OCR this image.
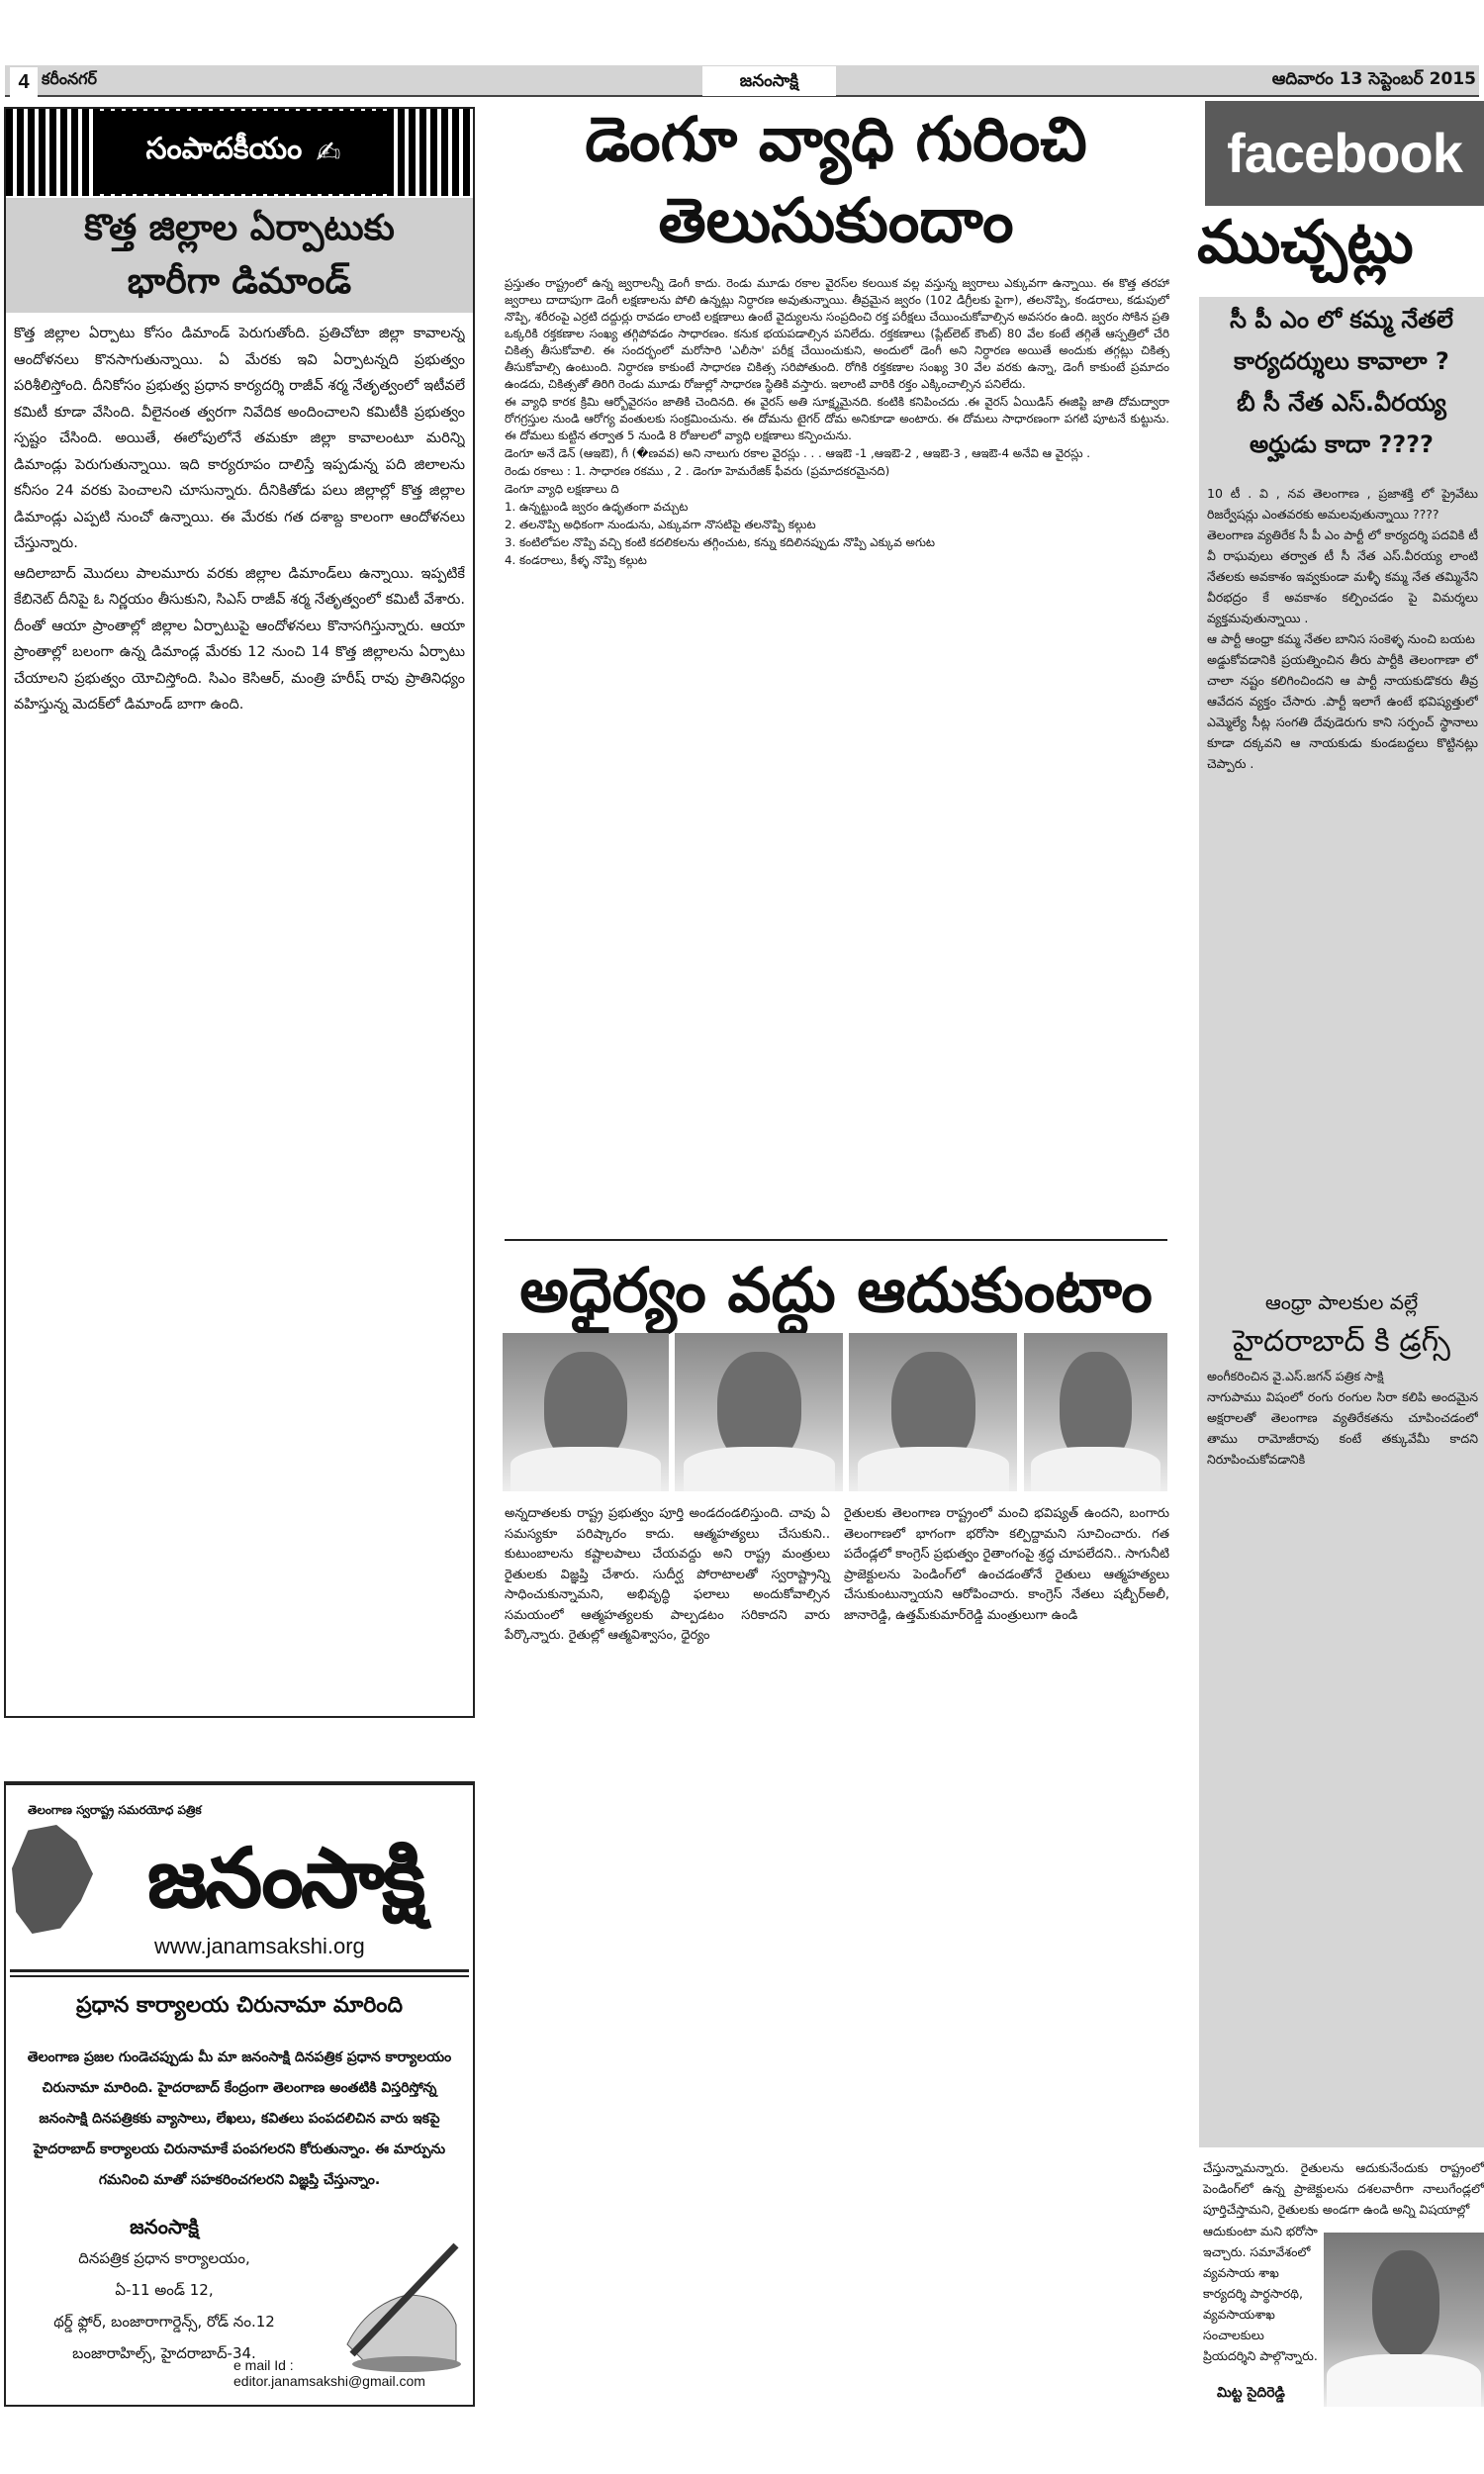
4 కరీంనగర్	జనంసాక్షి	ఆదివారం 13 సెప్టెంబర్ 2015
సంపాదకీయం ✍
కొత్త జిల్లాల ఏర్పాటుకు
భారీగా డిమాండ్

కొత్త జిల్లాల ఏర్పాటు కోసం డిమాండ్ పెరుగుతోంది. ప్రతిచోటా జిల్లా కావాలన్న ఆందోళనలు కొనసాగుతున్నాయి. ఏ మేరకు ఇవి ఏర్పాటన్నది ప్రభుత్వం పరిశీలిస్తోంది. దీనికోసం ప్రభుత్వ ప్రధాన కార్యదర్శి రాజీవ్ శర్మ నేతృత్వంలో ఇటీవలే కమిటీ కూడా వేసింది. వీలైనంత త్వరగా నివేదిక అందించాలని కమిటీకి ప్రభుత్వం స్పష్టం చేసింది. అయితే, ఈలోపులోనే తమకూ జిల్లా కావాలంటూ మరిన్ని డిమాండ్లు పెరుగుతున్నాయి. ఇది కార్యరూపం దాలిస్తే ఇప్పడున్న పది జిలాలను కనీసం 24 వరకు పెంచాలని చూసున్నారు. దీనికితోడు పలు జిల్లాల్లో కొత్త జిల్లాల డిమాండ్లు ఎప్పటి నుంచో ఉన్నాయి. ఈ మేరకు గత దశాబ్ద కాలంగా ఆందోళనలు చేస్తున్నారు.

ఆదిలాబాద్ మొదలు పాలమూరు వరకు జిల్లాల డిమాండ్‌లు ఉన్నాయి. ఇప్పటికే కేబినెట్ దీనిపై ఓ నిర్ణయం తీసుకుని, సిఎస్ రాజీవ్ శర్మ నేతృత్వంలో కమిటీ వేశారు. దీంతో ఆయా ప్రాంతాల్లో జిల్లాల ఏర్పాటుపై ఆందోళనలు కొనాసగిస్తున్నారు. ఆయా ప్రాంతాల్లో బలంగా ఉన్న డిమాండ్ల మేరకు 12 నుంచి 14 కొత్త జిల్లాలను ఏర్పాటు చేయాలని ప్రభుత్వం యోచిస్తోంది. సిఎం కెసిఆర్, మంత్రి హరీష్ రావు ప్రాతినిధ్యం వహిస్తున్న మెదక్‌లో డిమాండ్ బాగా ఉంది.

తెలంగాణ స్వరాష్ట్ర సమరయోధ పత్రిక
జనంసాక్షి
www.janamsakshi.org
ప్రధాన కార్యాలయ చిరునామా మారింది
తెలంగాణ ప్రజల గుండెచప్పుడు మీ మా జనంసాక్షి దినపత్రిక ప్రధాన కార్యాలయం
చిరునామా మారింది. హైదరాబాద్ కేంద్రంగా తెలంగాణ అంతటికి విస్తరిస్తోన్న
జనంసాక్షి దినపత్రికకు వ్యాసాలు, లేఖలు, కవితలు పంపదలిచిన వారు ఇకపై
హైదరాబాద్ కార్యాలయ చిరునామాకే పంపగలరని కోరుతున్నాం. ఈ మార్పును
గమనించి మాతో సహకరించగలరని విజ్ఞప్తి చేస్తున్నాం.
జనంసాక్షి
దినపత్రిక ప్రధాన కార్యాలయం,
ఏ-11 అండ్ 12,
థర్డ్ ఫ్లోర్, బంజారాగార్డెన్స్, రోడ్ నం.12
బంజారాహిల్స్, హైదరాబాద్-34.
e mail Id : editor.janamsakshi@gmail.com
డెంగూ వ్యాధి గురించి
తెలుసుకుందాం

ప్రస్తుతం రాష్ట్రంలో ఉన్న జ్వరాలన్నీ డెంగీ కాదు. రెండు మూడు రకాల వైరస్‌ల కలయిక వల్ల వస్తున్న జ్వరాలు ఎక్కువగా ఉన్నాయి. ఈ కొత్త తరహా జ్వరాలు దాదాపుగా డెంగీ లక్షణాలను పోలి ఉన్నట్లు నిర్ధారణ అవుతున్నాయి. తీవ్రమైన జ్వరం (102 డిగ్రీలకు పైగా), తలనొప్పి, కండరాలు, కడుపులో నొప్పి, శరీరంపై ఎర్రటి దద్దుర్లు రావడం లాంటి లక్షణాలు ఉంటే వైద్యులను సంప్రదించి రక్త పరీక్షలు చేయించుకోవాల్సిన అవసరం ఉంది. జ్వరం సోకిన ప్రతి ఒక్కరికి రక్తకణాల సంఖ్య తగ్గిపోవడం సాధారణం. కనుక భయపడాల్సిన పనిలేదు. రక్తకణాలు (ప్లేట్‌లెట్ కౌంట్) 80 వేల కంటే తగ్గితే ఆస్పత్రిలో చేరి చికిత్స తీసుకోవాలి. ఈ సందర్భంలో మరోసారి 'ఎలీసా' పరీక్ష చేయించుకుని, అందులో డెంగీ అని నిర్ధారణ అయితే అందుకు తగ్గట్లు చికిత్స తీసుకోవాల్సి ఉంటుంది. నిర్ధారణ కాకుంటే సాధారణ చికిత్స సరిపోతుంది. రోగికి రక్తకణాల సంఖ్య 30 వేల వరకు ఉన్నా, డెంగీ కాకుంటే ప్రమాదం ఉండదు, చికిత్సతో తిరిగి రెండు మూడు రోజుల్లో సాధారణ స్థితికి వస్తారు. ఇలాంటి వారికి రక్తం ఎక్కించాల్సిన పనిలేదు.

ఈ వ్యాధి కారక క్రిమి ఆర్బోవైరసం జాతికి చెందినది. ఈ వైరస్ అతి సూక్ష్మమైనది. కంటికి కనిపించదు .ఈ వైరస్ ఏయిడిస్ ఈజిప్టి జాతి దోమద్వారా రోగగ్రస్తుల నుండి ఆరోగ్య వంతులకు సంక్రమించును. ఈ దోమను టైగర్ దోమ అనికూడా అంటారు. ఈ దోమలు సాధారణంగా పగటి పూటనే కుట్టును. ఈ దోమలు కుట్టిన తర్వాత 5 నుండి 8 రోజులలో వ్యాధి లక్షణాలు కన్పించును.

డెంగూ అనే డెన్ (ఆఇఔ), గీ (�ణవవ) అని నాలుగు రకాల వైరస్లు . . . ఆఇఔ -1 ,ఆఇఔ-2 , ఆఇఔ-3 , ఆఇఔ-4 అనేవి ఆ వైరస్లు .

రెండు రకాలు : 1. సాధారణ రకము , 2 . డెంగూ హెమరేజిక్ ఫీవరు (ప్రమాదకరమైనది)

డెంగూ వ్యాధి లక్షణాలు ది

1. ఉన్నట్టుండి జ్వరం ఉధృతంగా వచ్చుట

2. తలనొప్పి అధికంగా నుండును, ఎక్కువగా నొసటిపై తలనొప్పి కల్గుట

3. కంటిలోపల నొప్పి వచ్చి కంటి కదలికలను తగ్గించుట, కన్ను కదిలినప్పుడు నొప్పి ఎక్కువ అగుట

4. కండరాలు, కీళ్ళ నొప్పి కల్గుట

అధైర్యం వద్దు ఆదుకుంటాం

అన్నదాతలకు రాష్ట్ర ప్రభుత్వం పూర్తి అండదండలిస్తుంది. చావు ఏ సమస్యకూ పరిష్కారం కాదు. ఆత్మహత్యలు చేసుకుని.. కుటుంబాలను కష్టాలపాలు చేయవద్దు అని రాష్ట్ర మంత్రులు రైతులకు విజ్ఞప్తి చేశారు. సుదీర్ఘ పోరాటాలతో స్వరాష్ట్రాన్ని సాధించుకున్నామని, అభివృద్ధి ఫలాలు అందుకోవాల్సిన సమయంలో ఆత్మహత్యలకు పాల్పడటం సరికాదని వారు పేర్కొన్నారు. రైతుల్లో ఆత్మవిశ్వాసం, ధైర్యం

రైతులకు తెలంగాణ రాష్ట్రంలో మంచి భవిష్యత్ ఉందని, బంగారు తెలంగాణలో భాగంగా భరోసా కల్పిద్దామని సూచించారు. గత పదేండ్లలో కాంగ్రెస్ ప్రభుత్వం రైతాంగంపై శ్రద్ధ చూపలేదని.. సాగునీటి ప్రాజెక్టులను పెండింగ్‌లో ఉంచడంతోనే రైతులు ఆత్మహత్యలు చేసుకుంటున్నాయని ఆరోపించారు. కాంగ్రెస్ నేతలు షబ్బీర్‌అలీ, జానారెడ్డి, ఉత్తమ్‌కుమార్‌రెడ్డి మంత్రులుగా ఉండి

facebook
ముచ్చట్లు
సీ పీ ఎం లో కమ్మ నేతలే
కార్యదర్శులు కావాలా ?
బీ సీ నేత ఎస్.వీరయ్య
అర్హుడు కాదా ????

10 టీ . వి , నవ తెలంగాణ , ప్రజాశక్తి లో ప్రైవేటు రిజర్వేషన్లు ఎంతవరకు అమలవుతున్నాయి ????

తెలంగాణ వ్యతిరేక సీ పీ ఎం పార్టీ లో కార్యదర్శి పదవికి టీ వీ రాఘవులు తర్వాత టీ సీ నేత ఎస్.వీరయ్య లాంటి నేతలకు అవకాశం ఇవ్వకుండా మళ్ళీ కమ్మ నేత తమ్మినేని వీరభద్రం కే అవకాశం కల్పించడం పై విమర్శలు వ్యక్తమవుతున్నాయి .

ఆ పార్టీ ఆంధ్రా కమ్మ నేతల బానిస సంకెళ్ళ నుంచి బయట

అడ్డుకోవడానికి ప్రయత్నించిన తీరు పార్టీకి తెలంగాణా లో చాలా నష్టం కలిగించిందని ఆ పార్టీ నాయకుడొకరు తీవ్ర ఆవేదన వ్యక్తం చేసారు .పార్టీ ఇలాగే ఉంటే భవిష్యత్తులో ఎమ్మెల్యే సీట్ల సంగతి దేవుడెరుగు కాని సర్పంచ్ స్థానాలు కూడా దక్కవని ఆ నాయకుడు కుండబద్దలు కొట్టినట్లు చెప్పారు .

ఆంధ్రా పాలకుల వల్లే
హైదరాబాద్ కి డ్రగ్స్

అంగీకరించిన వై.ఎస్.జగన్ పత్రిక సాక్షి

నాగుపాము విషంలో రంగు రంగుల సిరా కలిపి అందమైన అక్షరాలతో తెలంగాణ వ్యతిరేకతను చూపించడంలో తాము రామోజీరావు కంటే తక్కువేమీ కాదని నిరూపించుకోవడానికి

చేస్తున్నామన్నారు. రైతులను ఆదుకునేందుకు రాష్ట్రంలో పెండింగ్‌లో ఉన్న ప్రాజెక్టులను దశలవారీగా నాలుగేండ్లలో పూర్తిచేస్తామని, రైతులకు అండగా ఉండి అన్ని విషయాల్లో
ఆదుకుంటా మని భరోసా ఇచ్చారు. సమావేశంలో వ్యవసాయ శాఖ కార్యదర్శి పార్థసారథి, వ్యవసాయశాఖ సంచాలకులు ప్రియదర్శిని పాల్గొన్నారు.
మిట్ట సైదిరెడ్డి
